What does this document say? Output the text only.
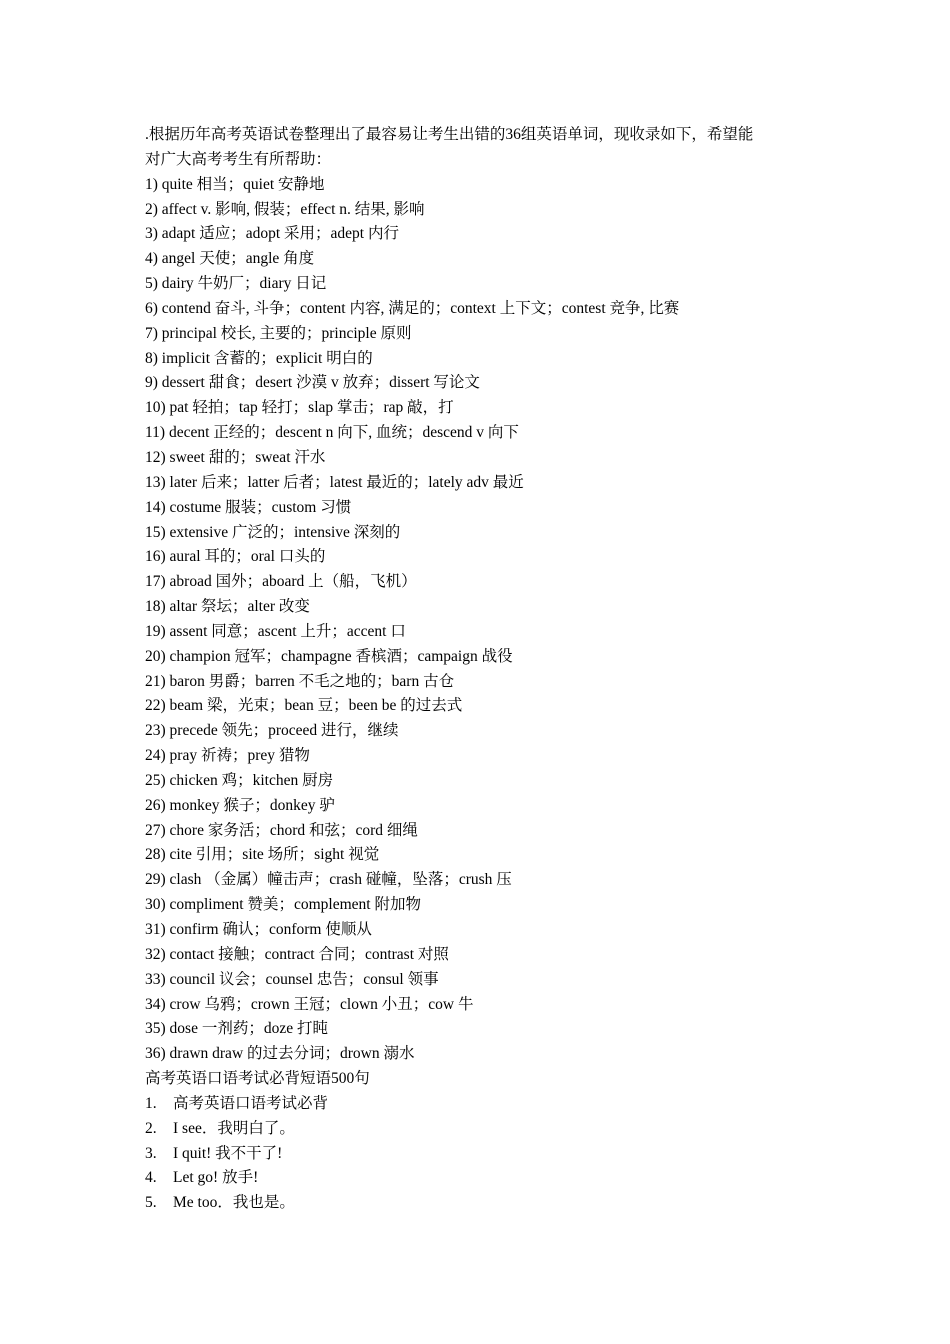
.根据历年高考英语试卷整理出了最容易让考生出错的36组英语单词，现收录如下，希望能
对广大高考考生有所帮助：
1) quite 相当；quiet 安静地
2) affect v. 影响, 假装；effect n. 结果, 影响
3) adapt 适应；adopt 采用；adept 内行
4) angel 天使；angle 角度
5) dairy 牛奶厂；diary 日记
6) contend 奋斗, 斗争；content 内容, 满足的；context 上下文；contest 竞争, 比赛
7) principal 校长, 主要的；principle 原则
8) implicit 含蓄的；explicit 明白的
9) dessert 甜食；desert 沙漠 v 放弃；dissert 写论文
10) pat 轻拍；tap 轻打；slap 掌击；rap 敲，打
11) decent 正经的；descent n 向下, 血统；descend v 向下
12) sweet 甜的；sweat 汗水
13) later 后来；latter 后者；latest 最近的；lately adv 最近
14) costume 服装；custom 习惯
15) extensive 广泛的；intensive 深刻的
16) aural 耳的；oral 口头的
17) abroad 国外；aboard 上（船，飞机）
18) altar 祭坛；alter 改变
19) assent 同意；ascent 上升；accent 口
20) champion 冠军；champagne 香槟酒；campaign 战役
21) baron 男爵；barren 不毛之地的；barn 古仓
22) beam 梁，光束；bean 豆；been be 的过去式
23) precede 领先；proceed 进行，继续
24) pray 祈祷；prey 猎物
25) chicken 鸡；kitchen 厨房
26) monkey 猴子；donkey 驴
27) chore 家务活；chord 和弦；cord 细绳
28) cite 引用；site 场所；sight 视觉
29) clash （金属）幢击声；crash 碰幢，坠落；crush 压
30) compliment 赞美；complement 附加物
31) confirm 确认；conform 使顺从
32) contact 接触；contract 合同；contrast 对照
33) council 议会；counsel 忠告；consul 领事
34) crow 乌鸦；crown 王冠；clown 小丑；cow 牛
35) dose 一剂药；doze 打盹
36) drawn draw 的过去分词；drown 溺水
高考英语口语考试必背短语500句
1.	高考英语口语考试必背
2.	I see．我明白了。
3.	I quit! 我不干了!
4.	Let go! 放手!
5.	Me too．我也是。
